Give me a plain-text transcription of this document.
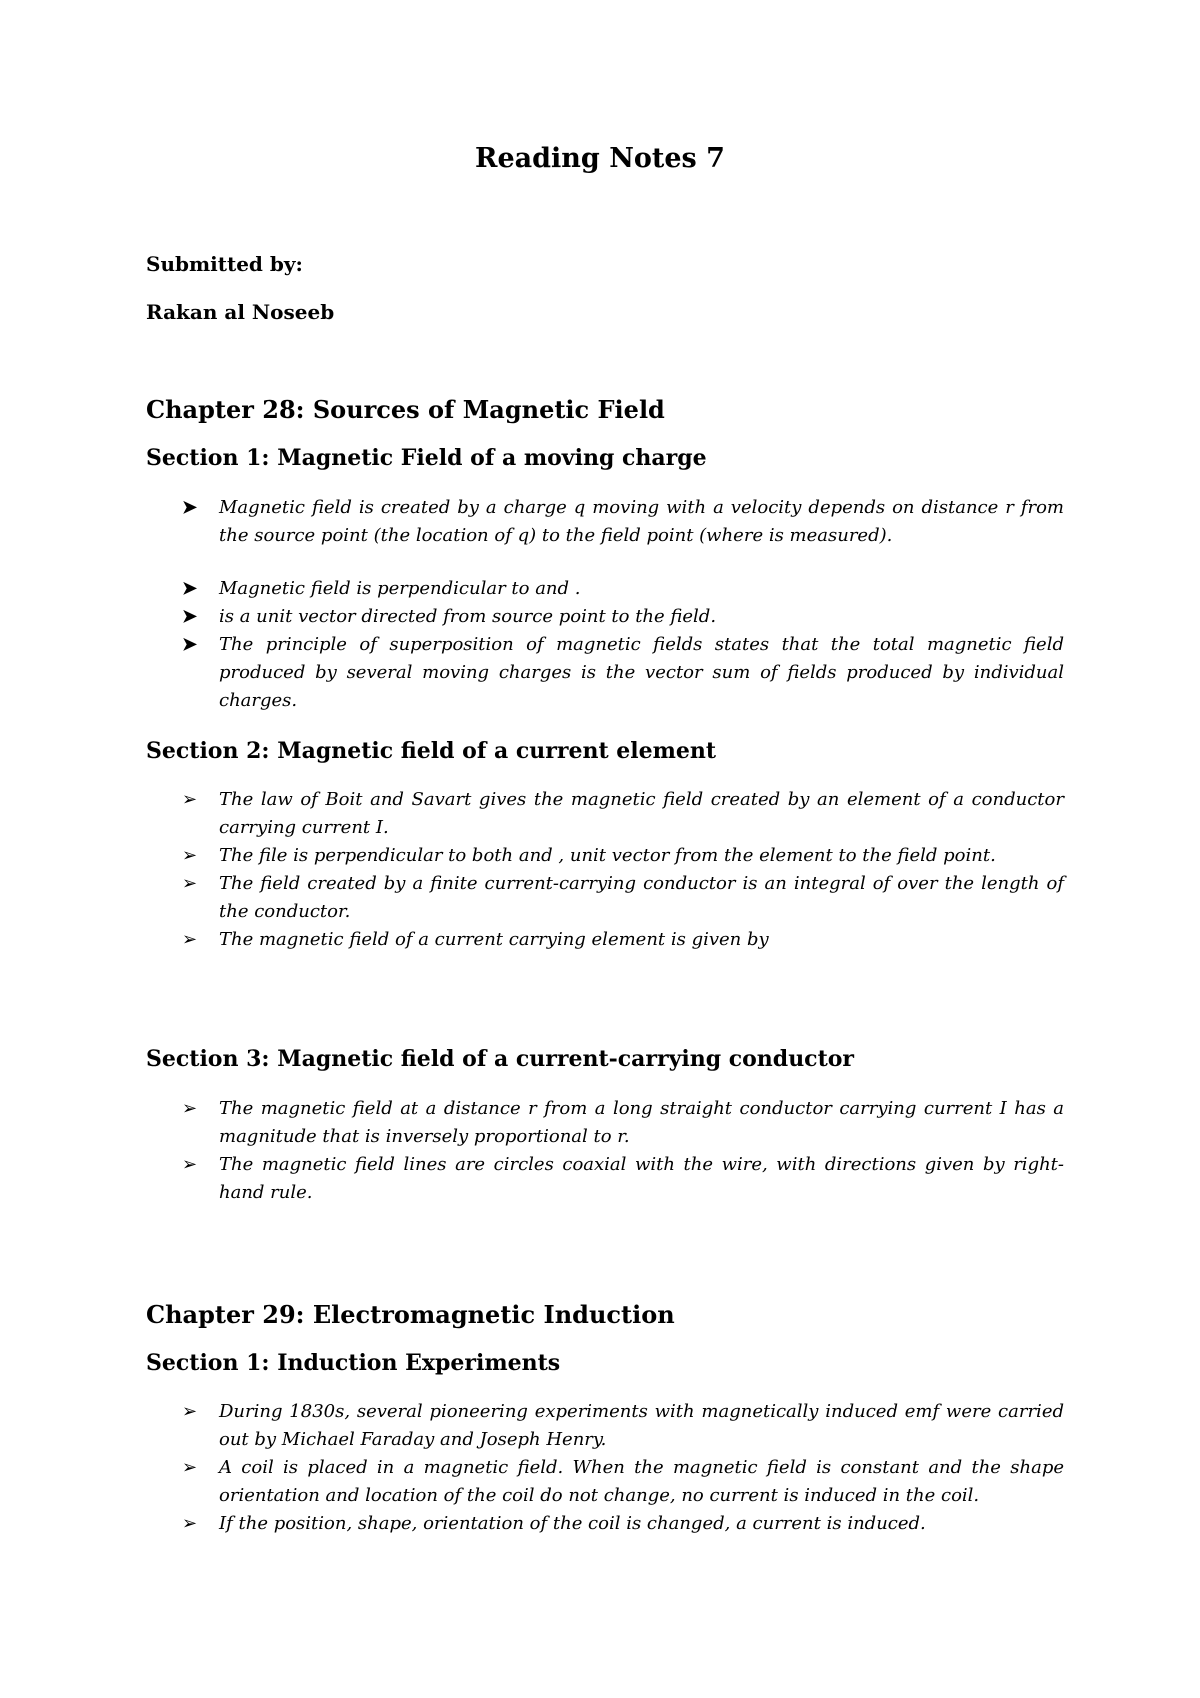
Reading Notes 7
Submitted by:
Rakan al Noseeb
Chapter 28: Sources of Magnetic Field
Section 1: Magnetic Field of a moving charge
➤ Magnetic field is created by a charge q moving with a velocity depends on distance r from the source point (the location of q) to the field point (where is measured).
➤ Magnetic field is perpendicular to and .
➤ is a unit vector directed from source point to the field.
➤ The principle of superposition of magnetic fields states that the total magnetic field produced by several moving charges is the vector sum of fields produced by individual charges.
Section 2: Magnetic field of a current element
➢ The law of Boit and Savart gives the magnetic field created by an element of a conductor carrying current I.
➢ The file is perpendicular to both and , unit vector from the element to the field point.
➢ The field created by a finite current-carrying conductor is an integral of over the length of the conductor.
➢ The magnetic field of a current carrying element is given by
Section 3: Magnetic field of a current-carrying conductor
➢ The magnetic field at a distance r from a long straight conductor carrying current I has a magnitude that is inversely proportional to r.
➢ The magnetic field lines are circles coaxial with the wire, with directions given by right-hand rule.
Chapter 29: Electromagnetic Induction
Section 1: Induction Experiments
➢ During 1830s, several pioneering experiments with magnetically induced emf were carried out by Michael Faraday and Joseph Henry.
➢ A coil is placed in a magnetic field. When the magnetic field is constant and the shape orientation and location of the coil do not change, no current is induced in the coil.
➢ If the position, shape, orientation of the coil is changed, a current is induced.
